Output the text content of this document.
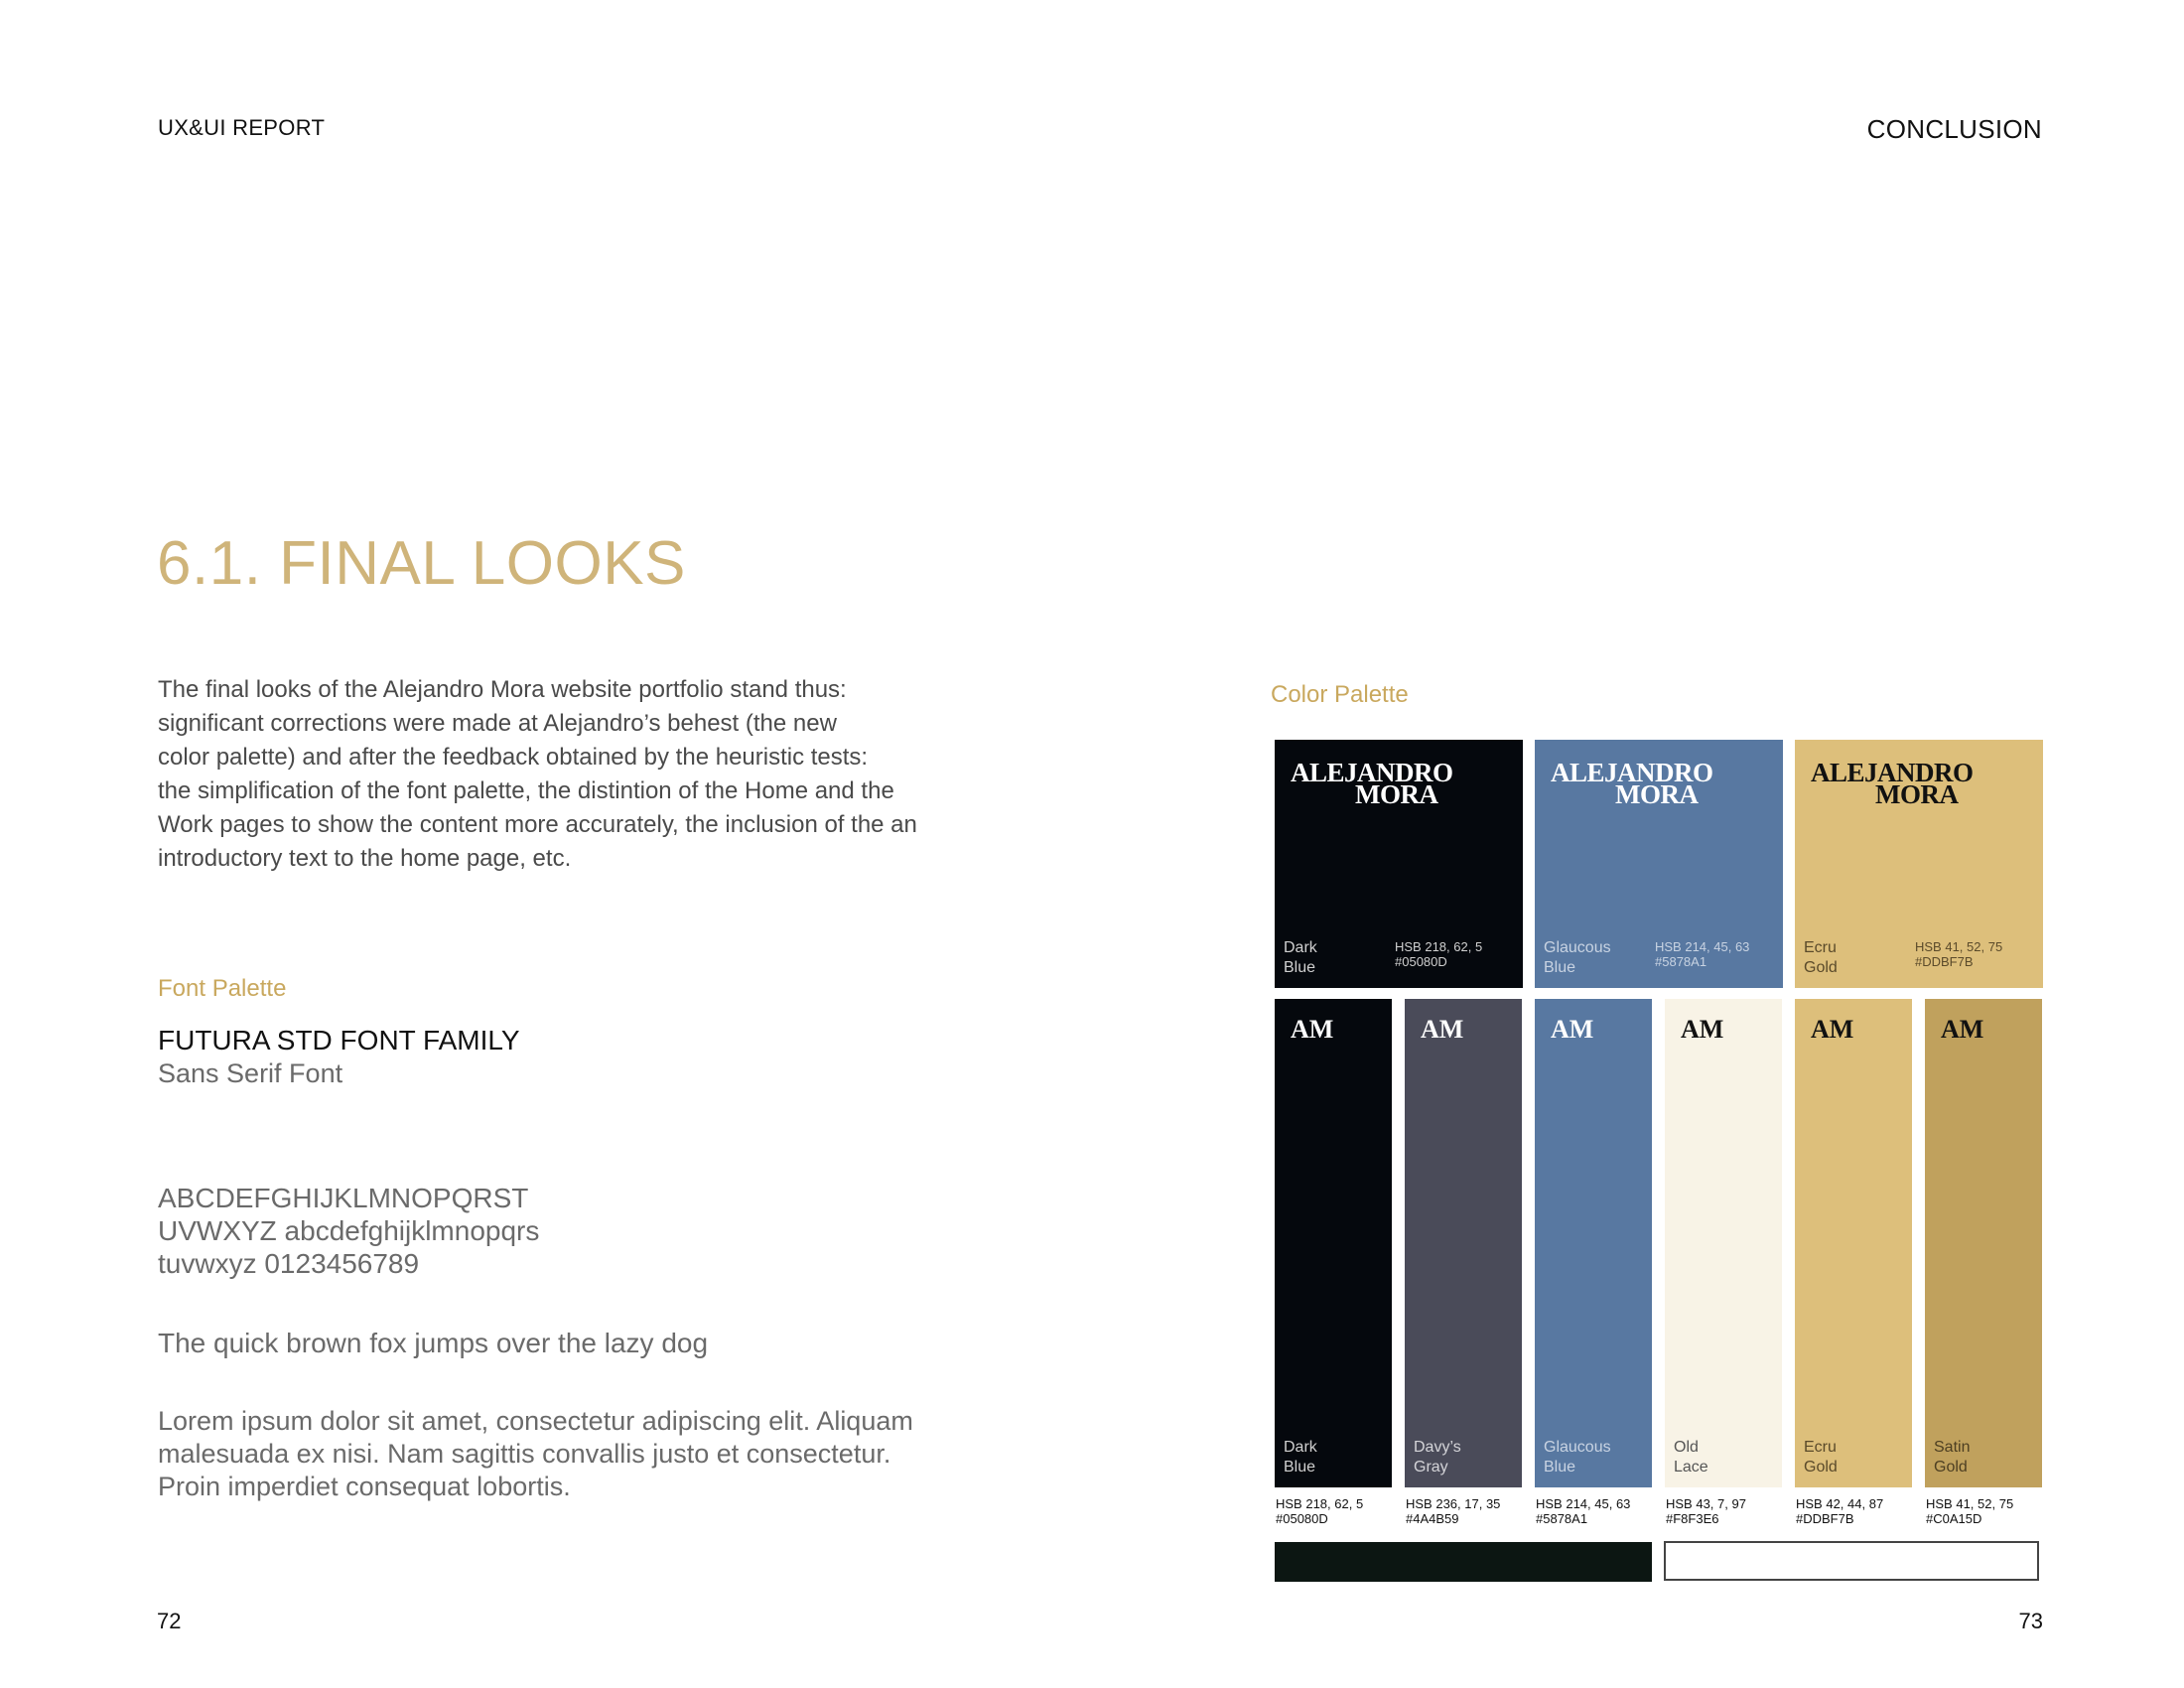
UX&UI REPORT	CONCLUSION
6.1. FINAL LOOKS
The final looks of the Alejandro Mora website portfolio stand thus:
significant corrections were made at Alejandro’s behest (the new
color palette) and after the feedback obtained by the heuristic tests:
the simplification of the font palette, the distintion of the Home and the
Work pages to show the content more accurately, the inclusion of the an
introductory text to the home page, etc.
Font Palette
FUTURA STD FONT FAMILY
Sans Serif Font
ABCDEFGHIJKLMNOPQRST
UVWXYZ abcdefghijklmnopqrs
tuvwxyz 0123456789
The quick brown fox jumps over the lazy dog
Lorem ipsum dolor sit amet, consectetur adipiscing elit. Aliquam
malesuada ex nisi. Nam sagittis convallis justo et consectetur.
Proin imperdiet consequat lobortis.
Color Palette
ALEJANDRO
MORA
Dark
Blue
HSB 218, 62, 5
#05080D
ALEJANDRO
MORA
Glaucous
Blue
HSB 214, 45, 63
#5878A1
ALEJANDRO
MORA
Ecru
Gold
HSB 41, 52, 75
#DDBF7B
AM
Dark
Blue
HSB 218, 62, 5
#05080D
AM
Davy’s
Gray
HSB 236, 17, 35
#4A4B59
AM
Glaucous
Blue
HSB 214, 45, 63
#5878A1
AM
Old
Lace
HSB 43, 7, 97
#F8F3E6
AM
Ecru
Gold
HSB 42, 44, 87
#DDBF7B
AM
Satin
Gold
HSB 41, 52, 75
#C0A15D
72	73
